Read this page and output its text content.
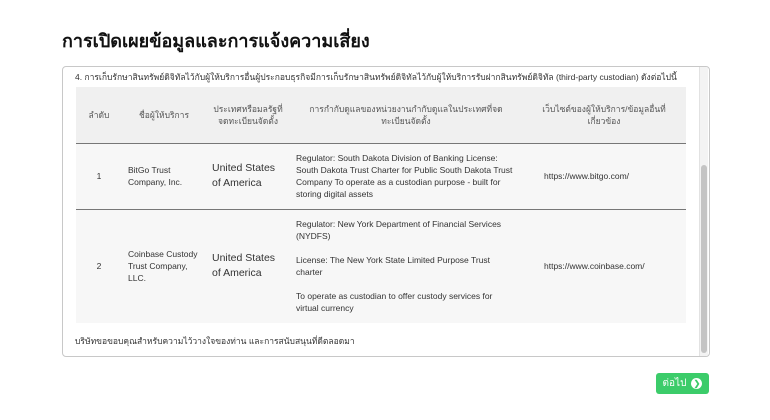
การเปิดเผยข้อมูลและการแจ้งความเสี่ยง
4. การเก็บรักษาสินทรัพย์ดิจิทัลไว้กับผู้ให้บริการอื่นผู้ประกอบธุรกิจมีการเก็บรักษาสินทรัพย์ดิจิทัลไว้กับผู้ให้บริการรับฝากสินทรัพย์ดิจิทัล (third-party custodian) ดังต่อไปนี้
ลำดับ	ชื่อผู้ให้บริการ	ประเทศหรือมลรัฐที่จดทะเบียนจัดตั้ง	การกำกับดูแลของหน่วยงานกำกับดูแลในประเทศที่จดทะเบียนจัดตั้ง	เว็บไซต์ของผู้ให้บริการ/ข้อมูลอื่นที่เกี่ยวข้อง
1	BitGo Trust Company, Inc.	United States of America	Regulator: South Dakota Division of Banking License: South Dakota Trust Charter for Public South Dakota Trust Company To operate as a custodian purpose - built for storing digital assets	https://www.bitgo.com/
2	Coinbase Custody Trust Company, LLC.	United States of America	Regulator: New York Department of Financial Services (NYDFS)
License: The New York State Limited Purpose Trust charter
To operate as custodian to offer custody services for virtual currency	https://www.coinbase.com/
บริษัทขอขอบคุณสำหรับความไว้วางใจของท่าน และการสนับสนุนที่ดีตลอดมา
ต่อไป ❯
